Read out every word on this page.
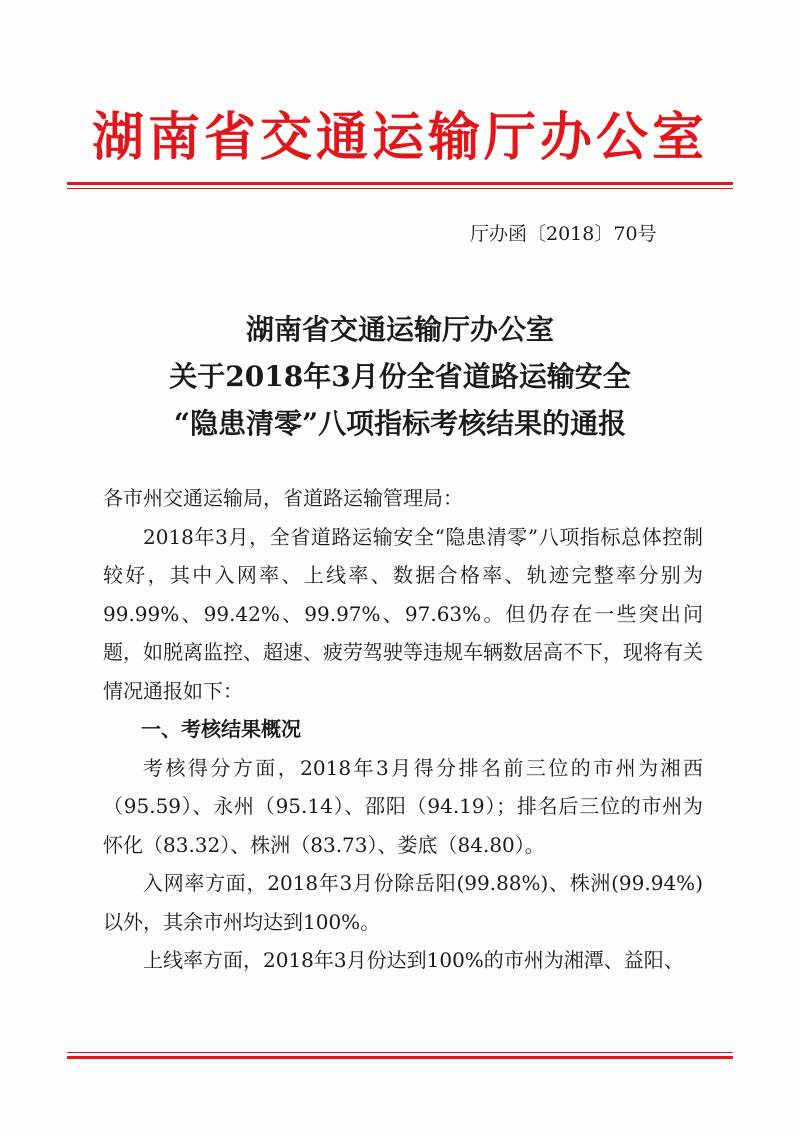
湖南省交通运输厅办公室
厅办函〔2018〕70号
湖南省交通运输厅办公室
关于2018年3月份全省道路运输安全
“隐患清零”八项指标考核结果的通报

各市州交通运输局，省道路运输管理局：

2018年3月，全省道路运输安全“隐患清零”八项指标总体控制较好，其中入网率、上线率、数据合格率、轨迹完整率分别为99.99%、99.42%、99.97%、97.63%。但仍存在一些突出问题，如脱离监控、超速、疲劳驾驶等违规车辆数居高不下，现将有关情况通报如下：

一、考核结果概况

考核得分方面，2018年3月得分排名前三位的市州为湘西（95.59）、永州（95.14）、邵阳（94.19）；排名后三位的市州为怀化（83.32）、株洲（83.73）、娄底（84.80）。

入网率方面，2018年3月份除岳阳(99.88%)、株洲(99.94%)以外，其余市州均达到100%。

上线率方面，2018年3月份达到100%的市州为湘潭、益阳、
